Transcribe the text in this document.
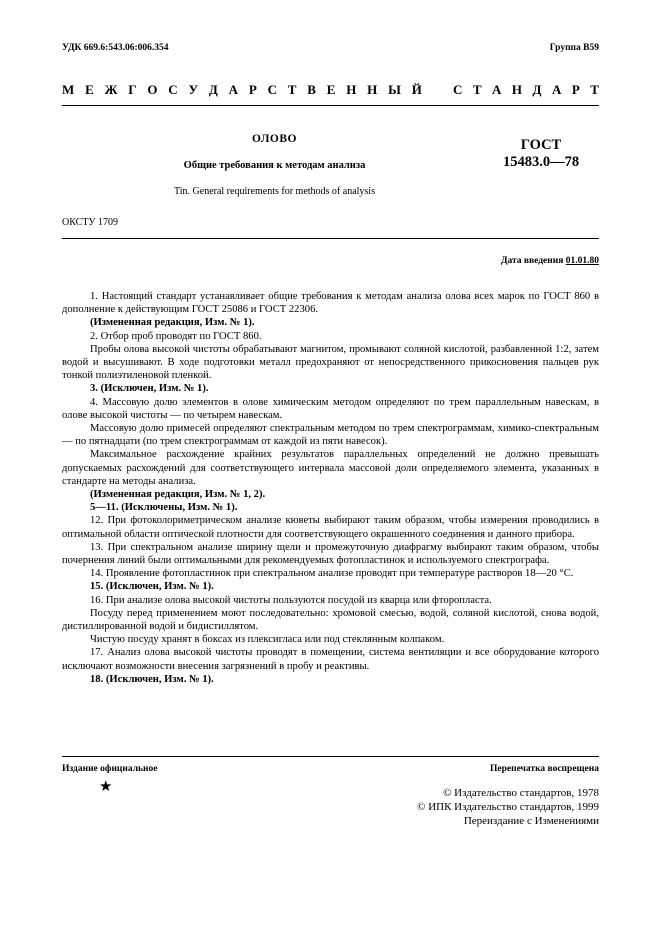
УДК 669.6:543.06:006.354	Группа В59
М Е Ж Г О С У Д А Р С Т В Е Н Н Ы Й С Т А Н Д А Р Т
ОЛОВО
Общие требования к методам анализа
Tin. General requirements for methods of analysis
ГОСТ
15483.0—78
ОКСТУ 1709
Дата введения 01.01.80

1. Настоящий стандарт устанавливает общие требования к методам анализа олова всех марок по ГОСТ 860 в дополнение к действующим ГОСТ 25086 и ГОСТ 22306.

(Измененная редакция, Изм. № 1).

2. Отбор проб проводят по ГОСТ 860.

Пробы олова высокой чистоты обрабатывают магнитом, промывают соляной кислотой, разбавленной 1:2, затем водой и высушивают. В ходе подготовки металл предохраняют от непосредственного прикосновения пальцев рук тонкой полиэтиленовой пленкой.

3. (Исключен, Изм. № 1).

4. Массовую долю элементов в олове химическим методом определяют по трем параллельным навескам, в олове высокой чистоты — по четырем навескам.

Массовую долю примесей определяют спектральным методом по трем спектрограммам, химико-спектральным — по пятнадцати (по трем спектрограммам от каждой из пяти навесок).

Максимальное расхождение крайних результатов параллельных определений не должно превышать допускаемых расхождений для соответствующего интервала массовой доли определяемого элемента, указанных в стандарте на методы анализа.

(Измененная редакция, Изм. № 1, 2).

5—11. (Исключены, Изм. № 1).

12. При фотоколориметрическом анализе кюветы выбирают таким образом, чтобы измерения проводились в оптимальной области оптической плотности для соответствующего окрашенного соединения и данного прибора.

13. При спектральном анализе ширину щели и промежуточную диафрагму выбирают таким образом, чтобы почернения линий были оптимальными для рекомендуемых фотопластинок и используемого спектрографа.

14. Проявление фотопластинок при спектральном анализе проводят при температуре растворов 18—20 °С.

15. (Исключен, Изм. № 1).

16. При анализе олова высокой чистоты пользуются посудой из кварца или фторопласта.

Посуду перед применением моют последовательно: хромовой смесью, водой, соляной кислотой, снова водой, дистиллированной водой и бидистиллятом.

Чистую посуду хранят в боксах из плексигласа или под стеклянным колпаком.

17. Анализ олова высокой чистоты проводят в помещении, система вентиляции и все оборудование которого исключают возможности внесения загрязнений в пробу и реактивы.

18. (Исключен, Изм. № 1).

Издание официальное	Перепечатка воспрещена
★	© Издательство стандартов, 1978
© ИПК Издательство стандартов, 1999
Переиздание с Изменениями
